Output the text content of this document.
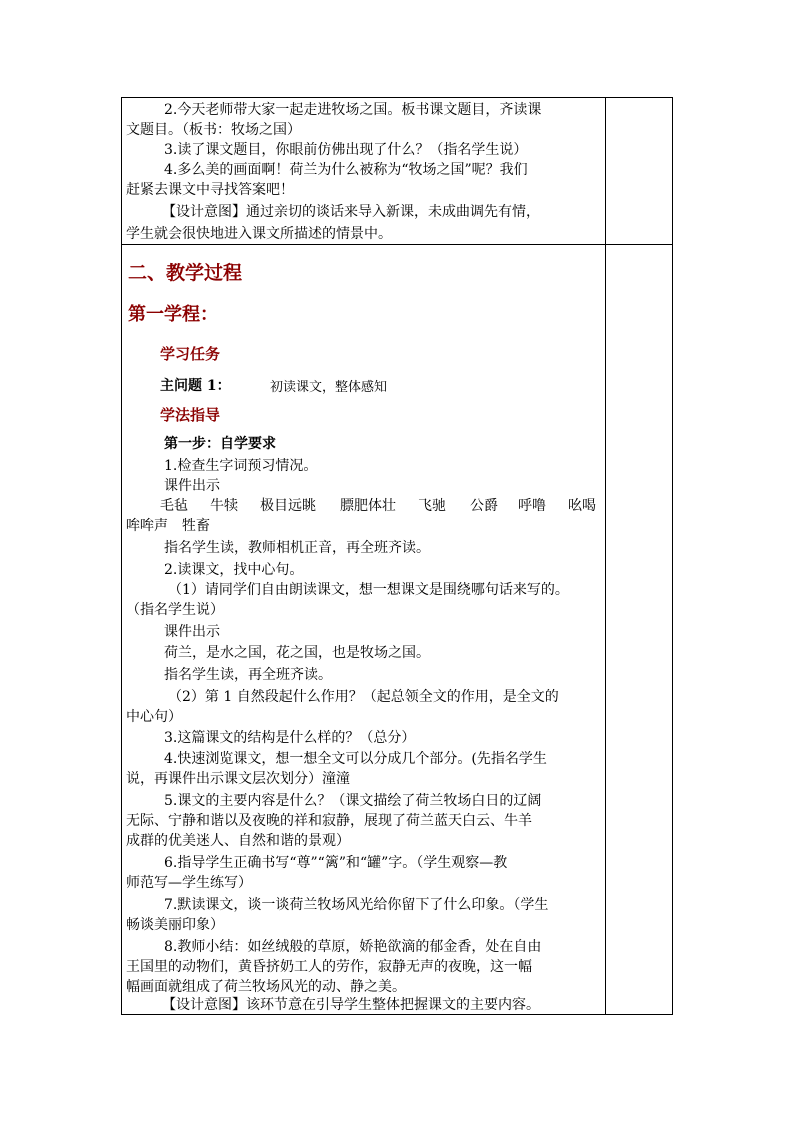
2.今天老师带大家一起走进牧场之国。板书课文题目，齐读课
文题目。（板书：牧场之国）
3.读了课文题目，你眼前仿佛出现了什么？（指名学生说）
4.多么美的画面啊！荷兰为什么被称为“牧场之国”呢？我们
赶紧去课文中寻找答案吧！
【设计意图】通过亲切的谈话来导入新课，未成曲调先有情，
学生就会很快地进入课文所描述的情景中。
二、教学过程
第一学程：
学习任务
主问题 1：	初读课文，整体感知
学法指导
第一步：自学要求
1.检查生字词预习情况。
课件出示
毛毡 牛犊 极目远眺 膘肥体壮 飞驰 公爵 呼噜 吆喝
哞哞声　牲畜
指名学生读，教师相机正音，再全班齐读。
2.读课文，找中心句。
（1）请同学们自由朗读课文，想一想课文是围绕哪句话来写的。
（指名学生说）
课件出示
荷兰，是水之国，花之国，也是牧场之国。
指名学生读，再全班齐读。
（2）第 1 自然段起什么作用？（起总领全文的作用，是全文的
中心句）
3.这篇课文的结构是什么样的？（总分）
4.快速浏览课文，想一想全文可以分成几个部分。(先指名学生
说，再课件出示课文层次划分）潼潼
5.课文的主要内容是什么？（课文描绘了荷兰牧场白日的辽阔
无际、宁静和谐以及夜晚的祥和寂静，展现了荷兰蓝天白云、牛羊
成群的优美迷人、自然和谐的景观）
6.指导学生正确书写“尊”“篱”和“罐”字。（学生观察—教
师范写—学生练写）
7.默读课文，谈一谈荷兰牧场风光给你留下了什么印象。（学生
畅谈美丽印象）
8.教师小结：如丝绒般的草原，娇艳欲滴的郁金香，处在自由
王国里的动物们，黄昏挤奶工人的劳作，寂静无声的夜晚，这一幅
幅画面就组成了荷兰牧场风光的动、静之美。
【设计意图】该环节意在引导学生整体把握课文的主要内容。
